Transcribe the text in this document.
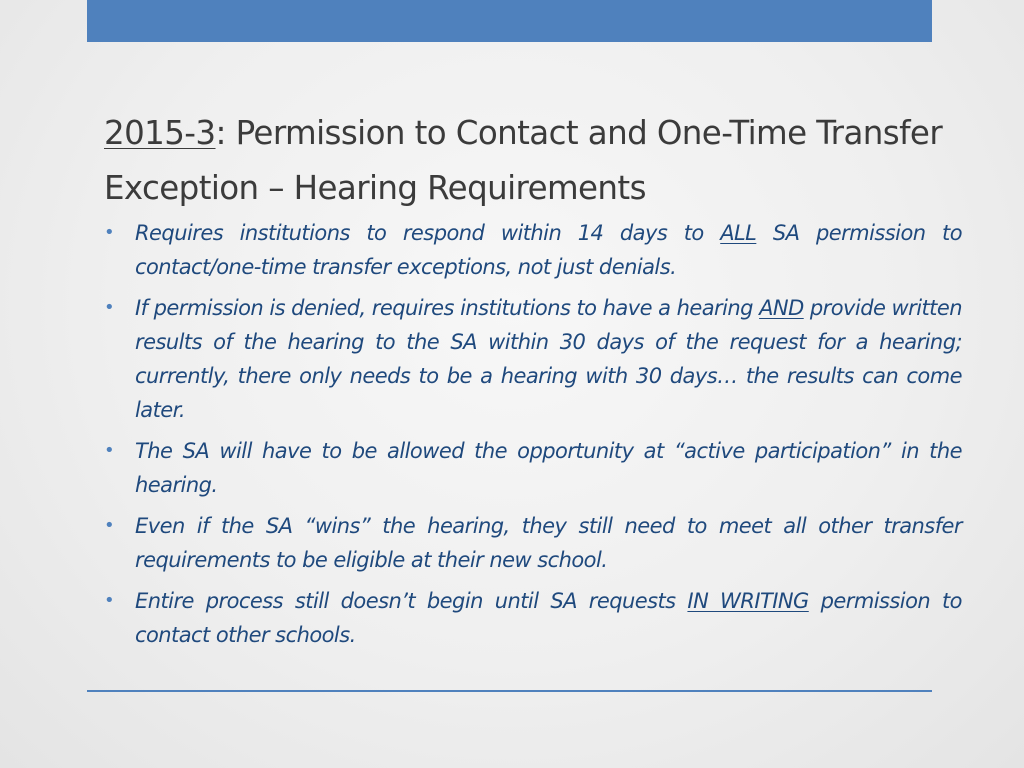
2015-3: Permission to Contact and One-Time Transfer Exception – Hearing Requirements
• Requires institutions to respond within 14 days to ALL SA permission to contact/one-time transfer exceptions, not just denials.
• If permission is denied, requires institutions to have a hearing AND provide written results of the hearing to the SA within 30 days of the request for a hearing; currently, there only needs to be a hearing with 30 days… the results can come later.
• The SA will have to be allowed the opportunity at “active participation” in the hearing.
• Even if the SA “wins” the hearing, they still need to meet all other transfer requirements to be eligible at their new school.
• Entire process still doesn’t begin until SA requests IN WRITING permission to contact other schools.
